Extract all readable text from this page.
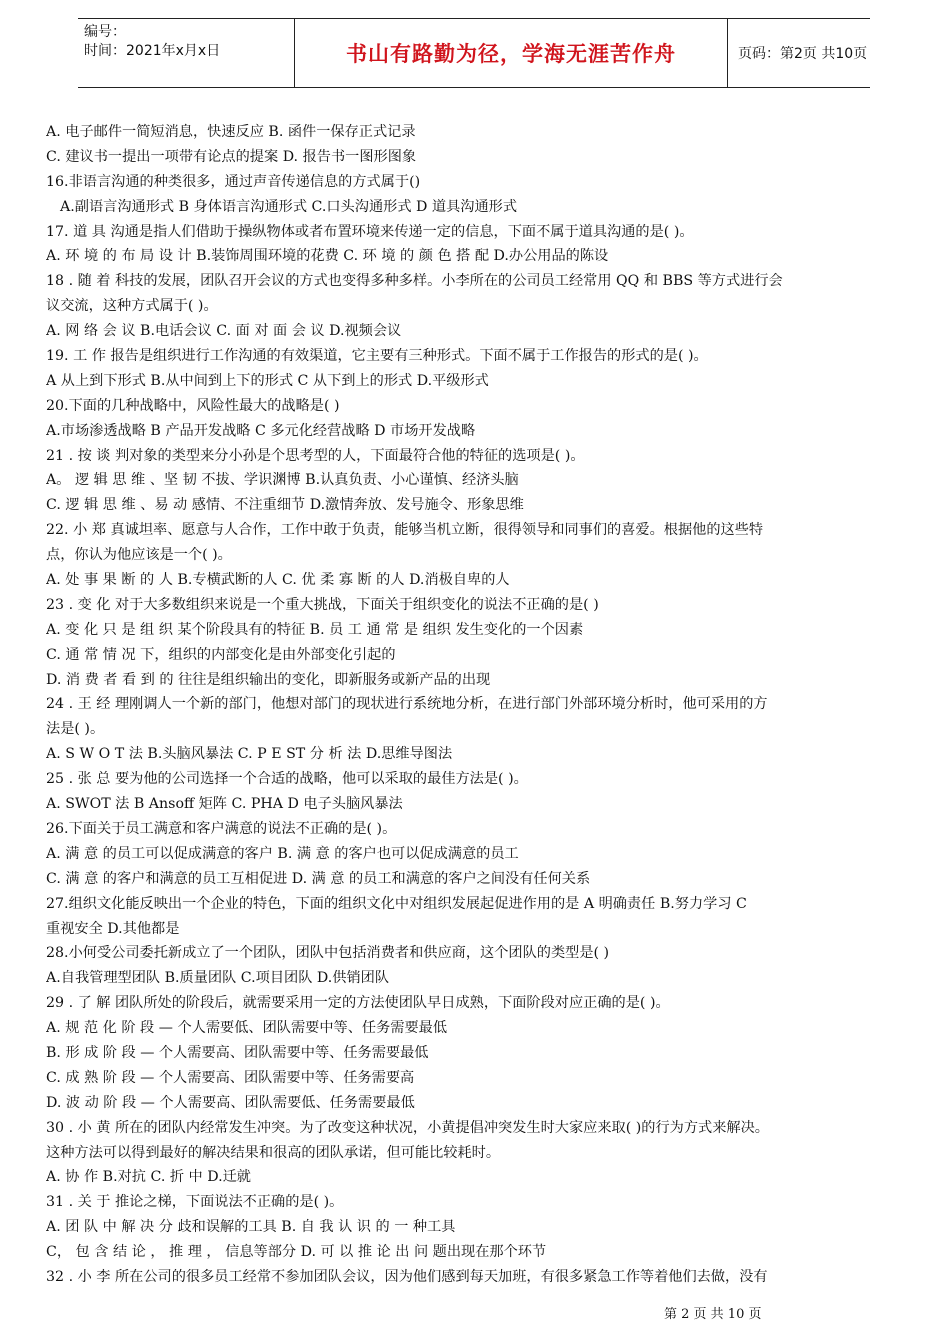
编号：
时间：2021年x月x日	书山有路勤为径，学海无涯苦作舟	页码：第2页 共10页
A. 电子邮件一简短消息，快速反应 B. 函件一保存正式记录
C. 建议书一提出一项带有论点的提案 D. 报告书一图形图象
16.非语言沟通的种类很多，通过声音传递信息的方式属于()
A.副语言沟通形式 B 身体语言沟通形式 C.口头沟通形式 D 道具沟通形式
17. 道 具 沟通是指人们借助于操纵物体或者布置环境来传递一定的信息，下面不属于道具沟通的是( )。
A. 环 境 的 布 局 设 计 B.装饰周围环境的花费 C. 环 境 的 颜 色 搭 配 D.办公用品的陈设
18 . 随 着 科技的发展，团队召开会议的方式也变得多种多样。小李所在的公司员工经常用 QQ 和 BBS 等方式进行会
议交流，这种方式属于( )。
A. 网 络 会 议 B.电话会议 C. 面 对 面 会 议 D.视频会议
19. 工 作 报告是组织进行工作沟通的有效渠道，它主要有三种形式。下面不属于工作报告的形式的是( )。
A 从上到下形式 B.从中间到上下的形式 C 从下到上的形式 D.平级形式
20.下面的几种战略中，风险性最大的战略是( )
A.市场渗透战略 B 产品开发战略 C 多元化经营战略 D 市场开发战略
21 . 按 谈 判对象的类型来分小孙是个思考型的人，下面最符合他的特征的选项是( )。
A。 逻 辑 思 维 、坚 韧 不拔、学识渊博 B.认真负责、小心谨慎、经济头脑
C. 逻 辑 思 维 、易 动 感情、不注重细节 D.激情奔放、发号施令、形象思维
22. 小 郑 真诚坦率、愿意与人合作，工作中敢于负责，能够当机立断，很得领导和同事们的喜爱。根据他的这些特
点，你认为他应该是一个( )。
A. 处 事 果 断 的 人 B.专横武断的人 C. 优 柔 寡 断 的人 D.消极自卑的人
23 . 变 化 对于大多数组织来说是一个重大挑战，下面关于组织变化的说法不正确的是( )
A. 变 化 只 是 组 织 某个阶段具有的特征 B. 员 工 通 常 是 组织 发生变化的一个因素
C. 通 常 情 况 下，组织的内部变化是由外部变化引起的
D. 消 费 者 看 到 的 往往是组织输出的变化，即新服务或新产品的出现
24 . 王 经 理刚调人一个新的部门，他想对部门的现状进行系统地分析，在进行部门外部环境分析时，他可采用的方
法是( )。
A. S W O T 法 B.头脑风暴法 C. P E ST 分 析 法 D.思维导图法
25 . 张 总 要为他的公司选择一个合适的战略，他可以采取的最佳方法是( )。
A. SWOT 法 B Ansoff 矩阵 C. PHA D 电子头脑风暴法
26.下面关于员工满意和客户满意的说法不正确的是( )。
A. 满 意 的员工可以促成满意的客户 B. 满 意 的客户也可以促成满意的员工
C. 满 意 的客户和满意的员工互相促进 D. 满 意 的员工和满意的客户之间没有任何关系
27.组织文化能反映出一个企业的特色，下面的组织文化中对组织发展起促进作用的是 A 明确责任 B.努力学习 C
重视安全 D.其他都是
28.小何受公司委托新成立了一个团队，团队中包括消费者和供应商，这个团队的类型是( )
A.自我管理型团队 B.质量团队 C.项目团队 D.供销团队
29 . 了 解 团队所处的阶段后，就需要采用一定的方法使团队早日成熟，下面阶段对应正确的是( )。
A. 规 范 化 阶 段 — 个人需要低、团队需要中等、任务需要最低
B. 形 成 阶 段 — 个人需要高、团队需要中等、任务需要最低
C. 成 熟 阶 段 — 个人需要高、团队需要中等、任务需要高
D. 波 动 阶 段 — 个人需要高、团队需要低、任务需要最低
30 . 小 黄 所在的团队内经常发生冲突。为了改变这种状况，小黄提倡冲突发生时大家应来取( )的行为方式来解决。
这种方法可以得到最好的解决结果和很高的团队承诺，但可能比较耗时。
A. 协 作 B.对抗 C. 折 中 D.迁就
31 . 关 于 推论之梯，下面说法不正确的是( )。
A. 团 队 中 解 决 分 歧和误解的工具 B. 自 我 认 识 的 一 种工具
C， 包 含 结 论 ， 推 理 ， 信息等部分 D. 可 以 推 论 出 问 题出现在那个环节
32 . 小 李 所在公司的很多员工经常不参加团队会议，因为他们感到每天加班，有很多紧急工作等着他们去做，没有
第 2 页 共 10 页
